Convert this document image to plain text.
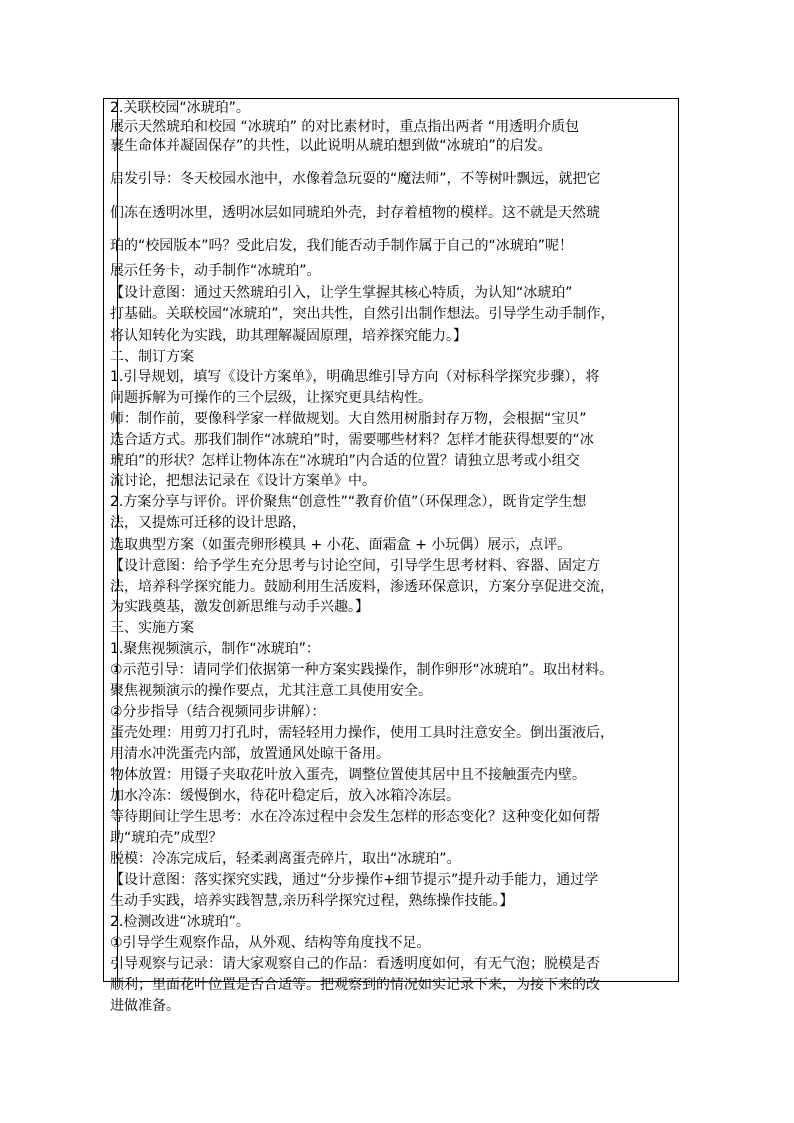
2.关联校园“冰琥珀”。
展示天然琥珀和校园 “冰琥珀” 的对比素材时，重点指出两者 “用透明介质包
裹生命体并凝固保存”的共性，以此说明从琥珀想到做“冰琥珀”的启发。
启发引导：冬天校园水池中，水像着急玩耍的“魔法师”，不等树叶飘远，就把它
们冻在透明冰里，透明冰层如同琥珀外壳，封存着植物的模样。这不就是天然琥
珀的“校园版本”吗？受此启发，我们能否动手制作属于自己的“冰琥珀”呢！
展示任务卡，动手制作“冰琥珀”。
【设计意图：通过天然琥珀引入，让学生掌握其核心特质，为认知“冰琥珀”
打基础。关联校园“冰琥珀”，突出共性，自然引出制作想法。引导学生动手制作，
将认知转化为实践，助其理解凝固原理，培养探究能力。】
二、制订方案
1.引导规划，填写《设计方案单》，明确思维引导方向（对标科学探究步骤），将
问题拆解为可操作的三个层级，让探究更具结构性。
师：制作前，要像科学家一样做规划。大自然用树脂封存万物，会根据“宝贝”
选合适方式。那我们制作“冰琥珀”时，需要哪些材料？怎样才能获得想要的“冰
琥珀”的形状？怎样让物体冻在“冰琥珀”内合适的位置？请独立思考或小组交
流讨论，把想法记录在《设计方案单》中。
2.方案分享与评价。评价聚焦“创意性”“教育价值”（环保理念），既肯定学生想
法，又提炼可迁移的设计思路，
选取典型方案（如蛋壳卵形模具 + 小花、面霜盒 + 小玩偶）展示，点评。
【设计意图：给予学生充分思考与讨论空间，引导学生思考材料、容器、固定方
法，培养科学探究能力。鼓励利用生活废料，渗透环保意识，方案分享促进交流，
为实践奠基，激发创新思维与动手兴趣。】
三、实施方案
1.聚焦视频演示，制作“冰琥珀”：
①示范引导：请同学们依据第一种方案实践操作，制作卵形“冰琥珀”。取出材料。
聚焦视频演示的操作要点，尤其注意工具使用安全。
②分步指导（结合视频同步讲解）：
蛋壳处理：用剪刀打孔时，需轻轻用力操作，使用工具时注意安全。倒出蛋液后，
用清水冲洗蛋壳内部，放置通风处晾干备用。
物体放置：用镊子夹取花叶放入蛋壳，调整位置使其居中且不接触蛋壳内壁。
加水冷冻：缓慢倒水，待花叶稳定后，放入冰箱冷冻层。
等待期间让学生思考：水在冷冻过程中会发生怎样的形态变化？这种变化如何帮
助“琥珀壳”成型？
脱模：冷冻完成后，轻柔剥离蛋壳碎片，取出“冰琥珀”。
【设计意图：落实探究实践，通过“分步操作+细节提示”提升动手能力，通过学
生动手实践，培养实践智慧,亲历科学探究过程，熟练操作技能。】
2.检测改进“冰琥珀”。
①引导学生观察作品，从外观、结构等角度找不足。
引导观察与记录：请大家观察自己的作品：看透明度如何，有无气泡；脱模是否
顺利；里面花叶位置是否合适等。把观察到的情况如实记录下来，为接下来的改
进做准备。
